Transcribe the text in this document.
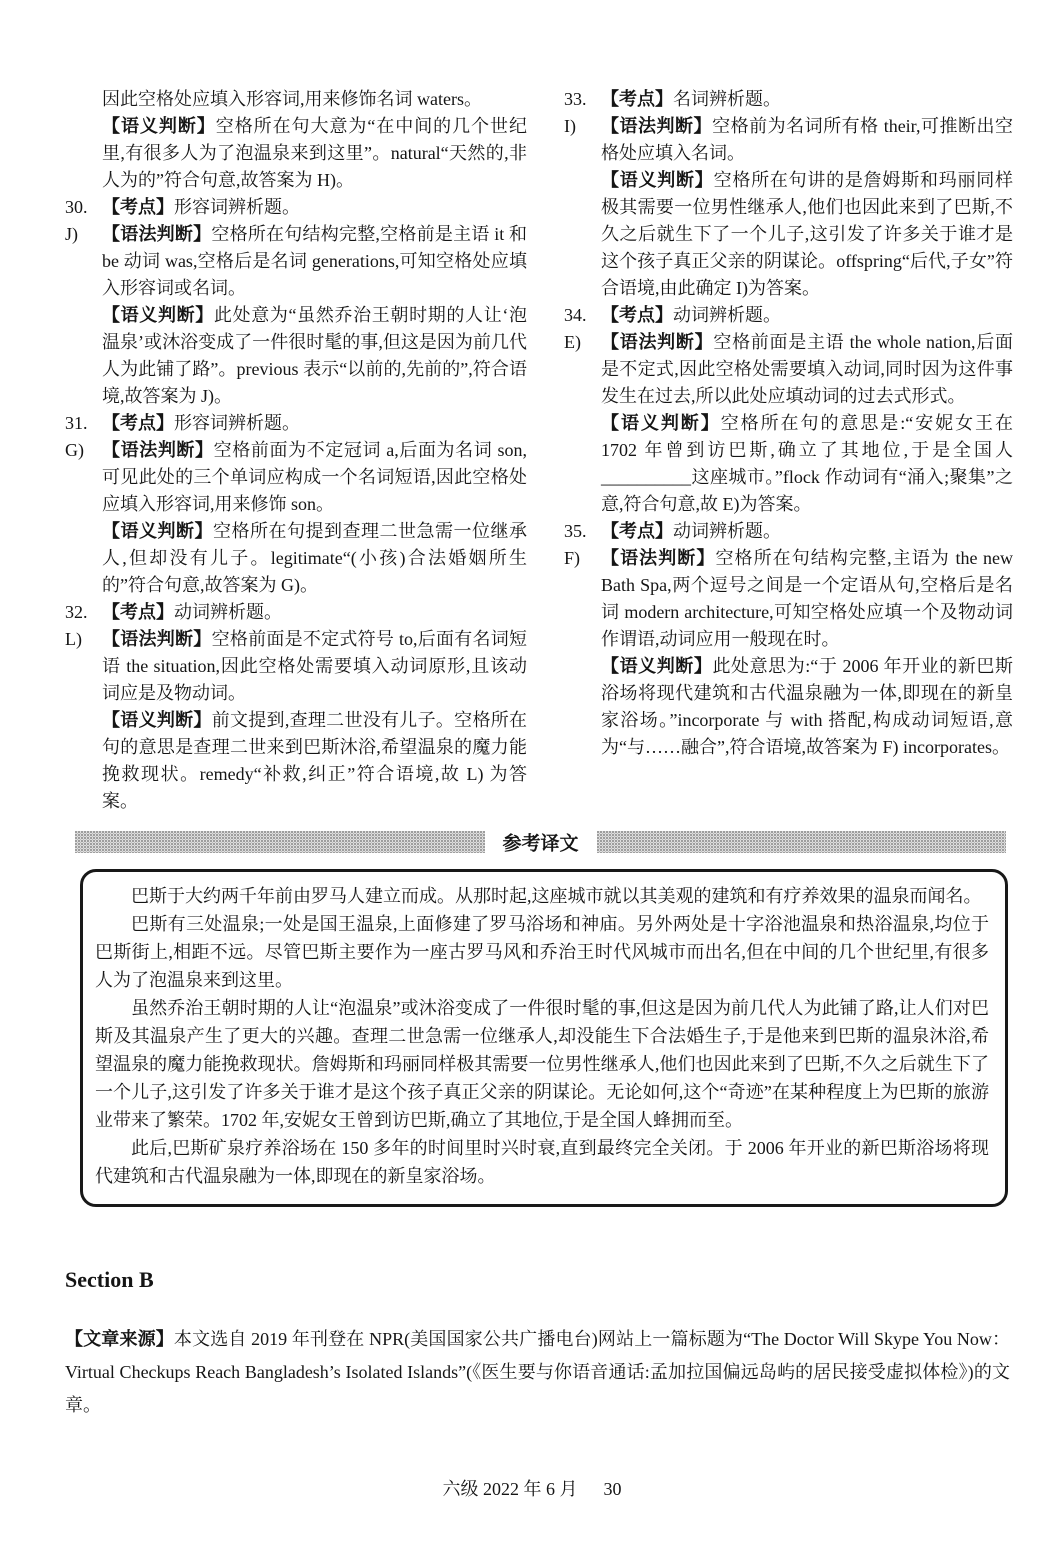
因此空格处应填入形容词,用来修饰名词 waters。
【语义判断】空格所在句大意为“在中间的几个世纪里,有很多人为了泡温泉来到这里”。natural“天然的,非人为的”符合句意,故答案为 H)。
30. 【考点】形容词辨析题。
J) 【语法判断】空格所在句结构完整,空格前是主语 it 和 be 动词 was,空格后是名词 generations,可知空格处应填入形容词或名词。
【语义判断】此处意为“虽然乔治王朝时期的人让‘泡温泉’或沐浴变成了一件很时髦的事,但这是因为前几代人为此铺了路”。previous 表示“以前的,先前的”,符合语境,故答案为 J)。
31. 【考点】形容词辨析题。
G) 【语法判断】空格前面为不定冠词 a,后面为名词 son,可见此处的三个单词应构成一个名词短语,因此空格处应填入形容词,用来修饰 son。
【语义判断】空格所在句提到查理二世急需一位继承人,但却没有儿子。legitimate“(小孩)合法婚姻所生的”符合句意,故答案为 G)。
32. 【考点】动词辨析题。
L) 【语法判断】空格前面是不定式符号 to,后面有名词短语 the situation,因此空格处需要填入动词原形,且该动词应是及物动词。
【语义判断】前文提到,查理二世没有儿子。空格所在句的意思是查理二世来到巴斯沐浴,希望温泉的魔力能挽救现状。remedy“补救,纠正”符合语境,故 L) 为答案。
33. 【考点】名词辨析题。
I) 【语法判断】空格前为名词所有格 their,可推断出空格处应填入名词。
【语义判断】空格所在句讲的是詹姆斯和玛丽同样极其需要一位男性继承人,他们也因此来到了巴斯,不久之后就生下了一个儿子,这引发了许多关于谁才是这个孩子真正父亲的阴谋论。offspring“后代,子女”符合语境,由此确定 I)为答案。
34. 【考点】动词辨析题。
E) 【语法判断】空格前面是主语 the whole nation,后面是不定式,因此空格处需要填入动词,同时因为这件事发生在过去,所以此处应填动词的过去式形式。
【语义判断】空格所在句的意思是:“安妮女王在 1702 年曾到访巴斯,确立了其地位,于是全国人__________这座城市。”flock 作动词有“涌入;聚集”之意,符合句意,故 E)为答案。
35. 【考点】动词辨析题。
F) 【语法判断】空格所在句结构完整,主语为 the new Bath Spa,两个逗号之间是一个定语从句,空格后是名词 modern architecture,可知空格处应填一个及物动词作谓语,动词应用一般现在时。
【语义判断】此处意思为:“于 2006 年开业的新巴斯浴场将现代建筑和古代温泉融为一体,即现在的新皇家浴场。”incorporate 与 with 搭配,构成动词短语,意为“与……融合”,符合语境,故答案为 F) incorporates。
参考译文

巴斯于大约两千年前由罗马人建立而成。从那时起,这座城市就以其美观的建筑和有疗养效果的温泉而闻名。

巴斯有三处温泉;一处是国王温泉,上面修建了罗马浴场和神庙。另外两处是十字浴池温泉和热浴温泉,均位于巴斯街上,相距不远。尽管巴斯主要作为一座古罗马风和乔治王时代风城市而出名,但在中间的几个世纪里,有很多人为了泡温泉来到这里。

虽然乔治王朝时期的人让“泡温泉”或沐浴变成了一件很时髦的事,但这是因为前几代人为此铺了路,让人们对巴斯及其温泉产生了更大的兴趣。查理二世急需一位继承人,却没能生下合法婚生子,于是他来到巴斯的温泉沐浴,希望温泉的魔力能挽救现状。詹姆斯和玛丽同样极其需要一位男性继承人,他们也因此来到了巴斯,不久之后就生下了一个儿子,这引发了许多关于谁才是这个孩子真正父亲的阴谋论。无论如何,这个“奇迹”在某种程度上为巴斯的旅游业带来了繁荣。1702 年,安妮女王曾到访巴斯,确立了其地位,于是全国人蜂拥而至。

此后,巴斯矿泉疗养浴场在 150 多年的时间里时兴时衰,直到最终完全关闭。于 2006 年开业的新巴斯浴场将现代建筑和古代温泉融为一体,即现在的新皇家浴场。

Section B

【文章来源】本文选自 2019 年刊登在 NPR(美国国家公共广播电台)网站上一篇标题为“The Doctor Will Skype You Now：Virtual Checkups Reach Bangladesh’s Isolated Islands”(《医生要与你语音通话:孟加拉国偏远岛屿的居民接受虚拟体检》)的文章。

六级 2022 年 6 月 30
